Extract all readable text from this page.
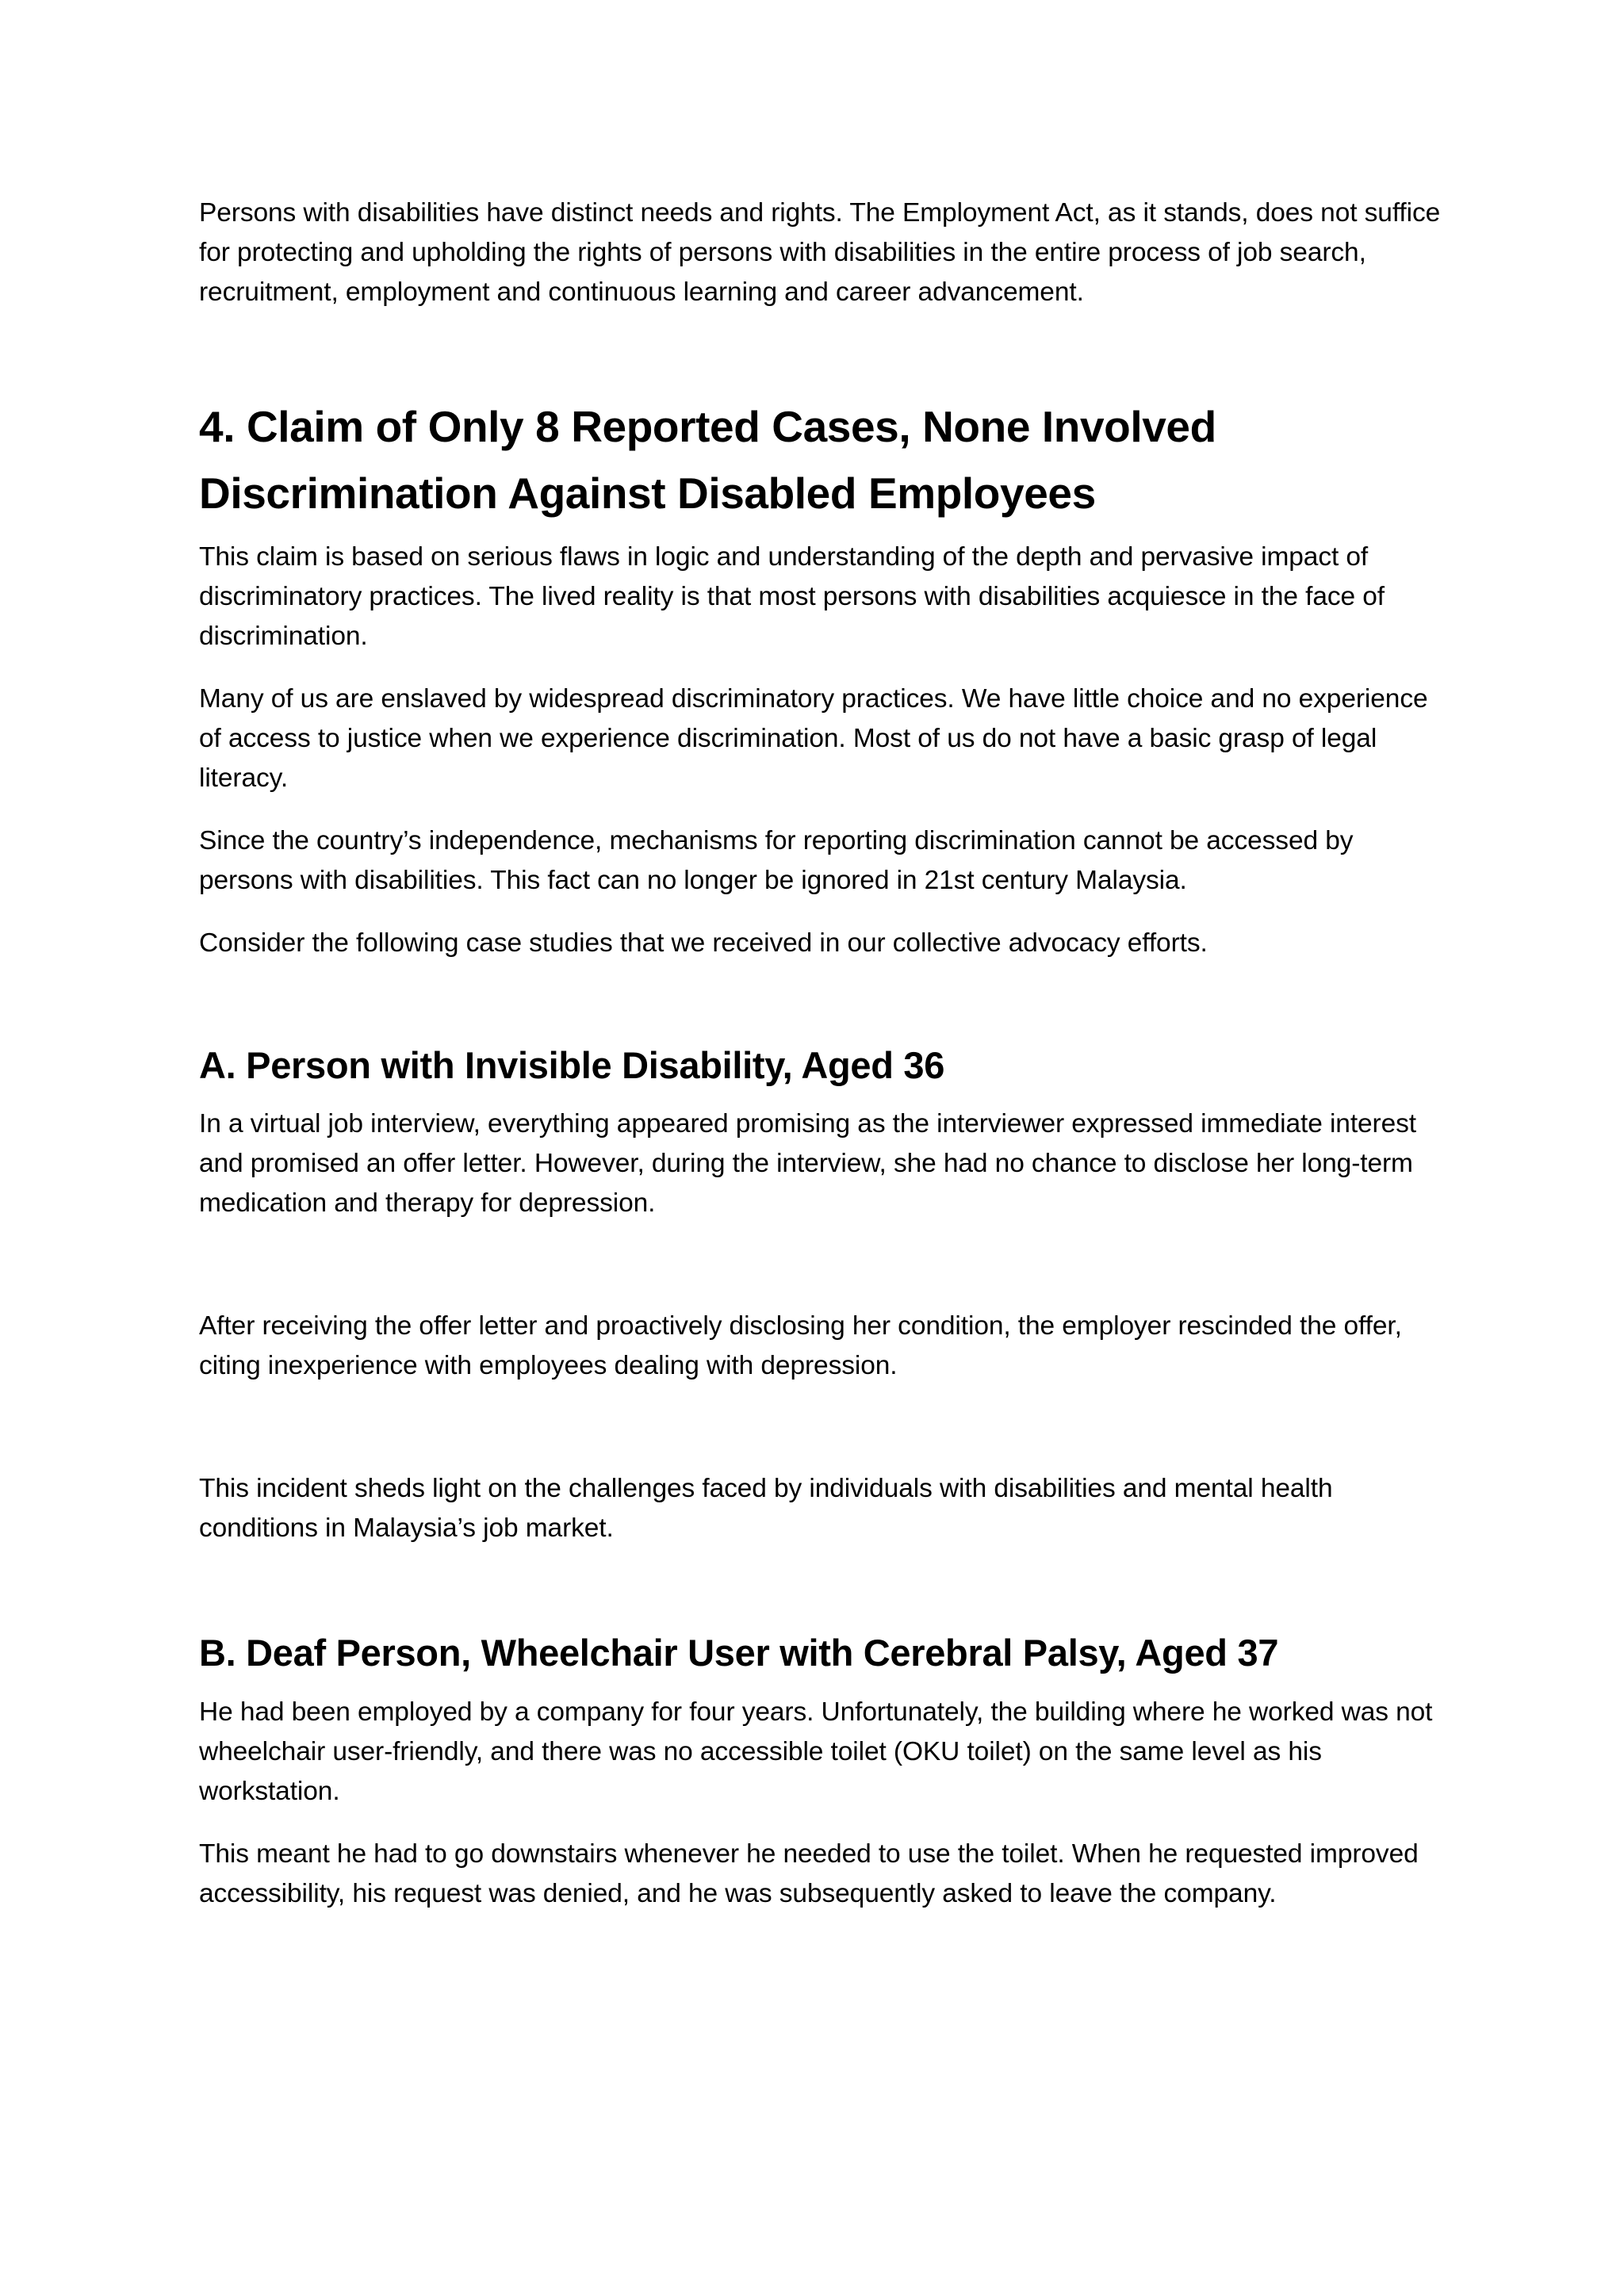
Persons with disabilities have distinct needs and rights. The Employment Act, as it stands, does not suffice for protecting and upholding the rights of persons with disabilities in the entire process of job search, recruitment, employment and continuous learning and career advancement.

4. Claim of Only 8 Reported Cases, None Involved Discrimination Against Disabled Employees

This claim is based on serious flaws in logic and understanding of the depth and pervasive impact of discriminatory practices. The lived reality is that most persons with disabilities acquiesce in the face of discrimination.

Many of us are enslaved by widespread discriminatory practices. We have little choice and no experience of access to justice when we experience discrimination. Most of us do not have a basic grasp of legal literacy.

Since the country’s independence, mechanisms for reporting discrimination cannot be accessed by persons with disabilities. This fact can no longer be ignored in 21st century Malaysia.

Consider the following case studies that we received in our collective advocacy efforts.

A. Person with Invisible Disability, Aged 36

In a virtual job interview, everything appeared promising as the interviewer expressed immediate interest and promised an offer letter. However, during the interview, she had no chance to disclose her long-term medication and therapy for depression.

After receiving the offer letter and proactively disclosing her condition, the employer rescinded the offer, citing inexperience with employees dealing with depression.

This incident sheds light on the challenges faced by individuals with disabilities and mental health conditions in Malaysia’s job market.

B. Deaf Person, Wheelchair User with Cerebral Palsy, Aged 37

He had been employed by a company for four years. Unfortunately, the building where he worked was not wheelchair user-friendly, and there was no accessible toilet (OKU toilet) on the same level as his workstation.

This meant he had to go downstairs whenever he needed to use the toilet. When he requested improved accessibility, his request was denied, and he was subsequently asked to leave the company.
